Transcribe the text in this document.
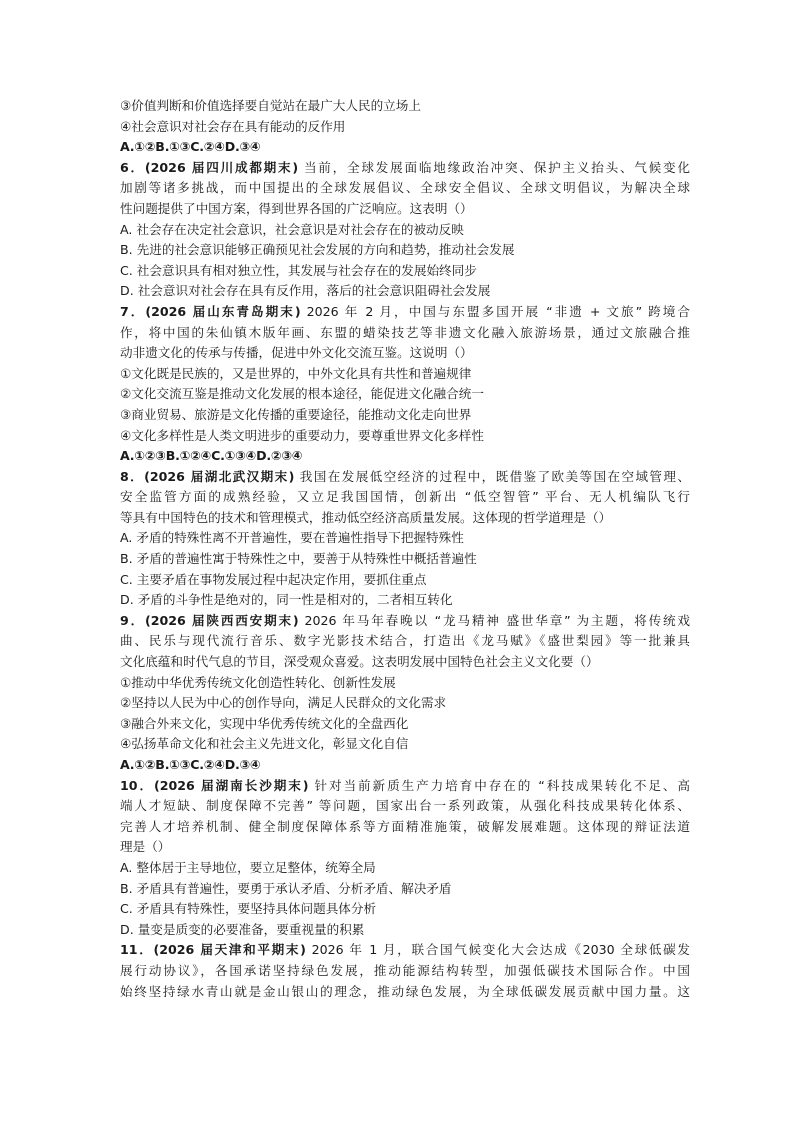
③价值判断和价值选择要自觉站在最广大人民的立场上
④社会意识对社会存在具有能动的反作用
A.①②B.①③C.②④D.③④
6．(2026 届四川成都期末) 当前，全球发展面临地缘政治冲突、保护主义抬头、气候变化
加剧等诸多挑战，而中国提出的全球发展倡议、全球安全倡议、全球文明倡议，为解决全球
性问题提供了中国方案，得到世界各国的广泛响应。这表明（）
A. 社会存在决定社会意识，社会意识是对社会存在的被动反映
B. 先进的社会意识能够正确预见社会发展的方向和趋势，推动社会发展
C. 社会意识具有相对独立性，其发展与社会存在的发展始终同步
D. 社会意识对社会存在具有反作用，落后的社会意识阻碍社会发展
7．(2026 届山东青岛期末) 2026 年 2 月，中国与东盟多国开展 “非遗 + 文旅” 跨境合
作，将中国的朱仙镇木版年画、东盟的蜡染技艺等非遗文化融入旅游场景，通过文旅融合推
动非遗文化的传承与传播，促进中外文化交流互鉴。这说明（）
①文化既是民族的，又是世界的，中外文化具有共性和普遍规律
②文化交流互鉴是推动文化发展的根本途径，能促进文化融合统一
③商业贸易、旅游是文化传播的重要途径，能推动文化走向世界
④文化多样性是人类文明进步的重要动力，要尊重世界文化多样性
A.①②③B.①②④C.①③④D.②③④
8．(2026 届湖北武汉期末) 我国在发展低空经济的过程中，既借鉴了欧美等国在空域管理、
安全监管方面的成熟经验，又立足我国国情，创新出 “低空智管” 平台、无人机编队飞行
等具有中国特色的技术和管理模式，推动低空经济高质量发展。这体现的哲学道理是（）
A. 矛盾的特殊性离不开普遍性，要在普遍性指导下把握特殊性
B. 矛盾的普遍性寓于特殊性之中，要善于从特殊性中概括普遍性
C. 主要矛盾在事物发展过程中起决定作用，要抓住重点
D. 矛盾的斗争性是绝对的，同一性是相对的，二者相互转化
9．(2026 届陕西西安期末) 2026 年马年春晚以 “龙马精神 盛世华章” 为主题，将传统戏
曲、民乐与现代流行音乐、数字光影技术结合，打造出《龙马赋》《盛世梨园》等一批兼具
文化底蕴和时代气息的节目，深受观众喜爱。这表明发展中国特色社会主义文化要（）
①推动中华优秀传统文化创造性转化、创新性发展
②坚持以人民为中心的创作导向，满足人民群众的文化需求
③融合外来文化，实现中华优秀传统文化的全盘西化
④弘扬革命文化和社会主义先进文化，彰显文化自信
A.①②B.①③C.②④D.③④
10．(2026 届湖南长沙期末) 针对当前新质生产力培育中存在的 “科技成果转化不足、高
端人才短缺、制度保障不完善” 等问题，国家出台一系列政策，从强化科技成果转化体系、
完善人才培养机制、健全制度保障体系等方面精准施策，破解发展难题。这体现的辩证法道
理是（）
A. 整体居于主导地位，要立足整体，统筹全局
B. 矛盾具有普遍性，要勇于承认矛盾、分析矛盾、解决矛盾
C. 矛盾具有特殊性，要坚持具体问题具体分析
D. 量变是质变的必要准备，要重视量的积累
11．(2026 届天津和平期末) 2026 年 1 月，联合国气候变化大会达成《2030 全球低碳发
展行动协议》，各国承诺坚持绿色发展，推动能源结构转型，加强低碳技术国际合作。中国
始终坚持绿水青山就是金山银山的理念，推动绿色发展，为全球低碳发展贡献中国力量。这
